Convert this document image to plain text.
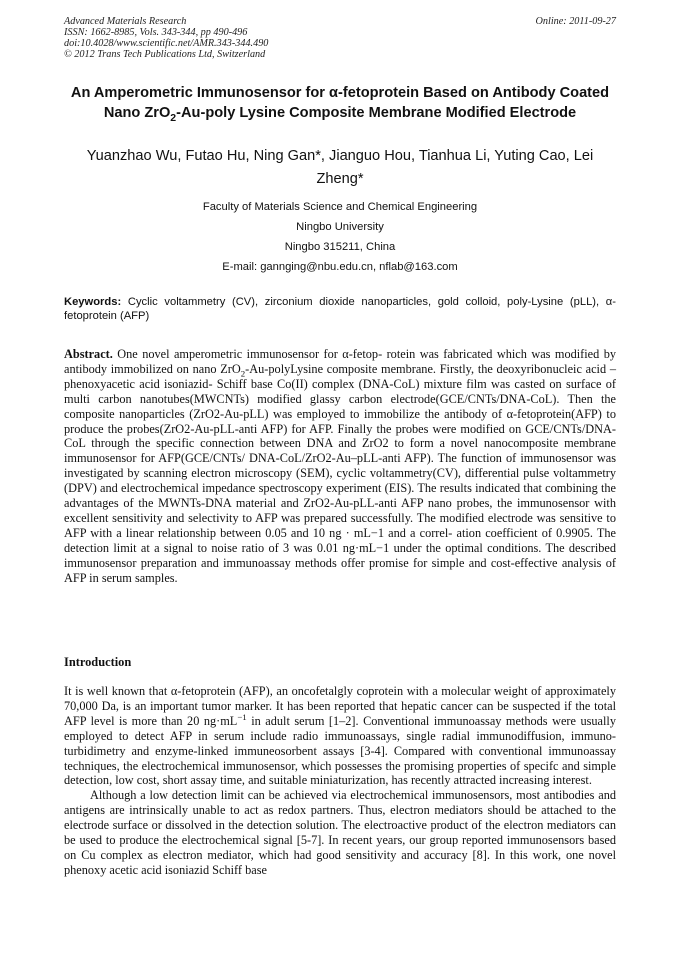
Advanced Materials Research
ISSN: 1662-8985, Vols. 343-344, pp 490-496
doi:10.4028/www.scientific.net/AMR.343-344.490
© 2012 Trans Tech Publications Ltd, Switzerland
Online: 2011-09-27
An Amperometric Immunosensor for α-fetoprotein Based on Antibody Coated Nano ZrO$_2$-Au-poly Lysine Composite Membrane Modified Electrode
Yuanzhao Wu, Futao Hu, Ning Gan*, Jianguo Hou, Tianhua Li, Yuting Cao, Lei Zheng*
Faculty of Materials Science and Chemical Engineering
Ningbo University
Ningbo 315211, China
E-mail: gannging@nbu.edu.cn, nflab@163.com
Keywords: Cyclic voltammetry (CV), zirconium dioxide nanoparticles, gold colloid, poly-Lysine (pLL), α-fetoprotein (AFP)
Abstract. One novel amperometric immunosensor for α-fetop- rotein was fabricated which was modified by antibody immobilized on nano ZrO$_2$-Au-polyLysine composite membrane. Firstly, the deoxyribonucleic acid – phenoxyacetic acid isoniazid- Schiff base Co(II) complex (DNA-CoL) mixture film was casted on surface of multi carbon nanotubes(MWCNTs) modified glassy carbon electrode(GCE/CNTs/DNA-CoL). Then the composite nanoparticles (ZrO2-Au-pLL) was employed to immobilize the antibody of α-fetoprotein(AFP) to produce the probes(ZrO2-Au-pLL-anti AFP) for AFP. Finally the probes were modified on GCE/CNTs/DNA-CoL through the specific connection between DNA and ZrO2 to form a novel nanocomposite membrane immunosensor for AFP(GCE/CNTs/ DNA-CoL/ZrO2-Au–pLL-anti AFP). The function of immunosensor was investigated by scanning electron microscopy (SEM), cyclic voltammetry(CV), differential pulse voltammetry (DPV) and electrochemical impedance spectroscopy experiment (EIS). The results indicated that combining the advantages of the MWNTs-DNA material and ZrO2-Au-pLL-anti AFP nano probes, the immunosensor with excellent sensitivity and selectivity to AFP was prepared successfully. The modified electrode was sensitive to AFP with a linear relationship between 0.05 and 10 ng · mL−1 and a correl- ation coefficient of 0.9905. The detection limit at a signal to noise ratio of 3 was 0.01 ng·mL−1 under the optimal conditions. The described immunosensor preparation and immunoassay methods offer promise for simple and cost-effective analysis of AFP in serum samples.
Introduction

It is well known that α-fetoprotein (AFP), an oncofetalgly coprotein with a molecular weight of approximately 70,000 Da, is an important tumor marker. It has been reported that hepatic cancer can be suspected if the total AFP level is more than 20 $ng\cdot mL^{-1}$ in adult serum [1–2]. Conventional immunoassay methods were usually employed to detect AFP in serum include radio immunoassays, single radial immunodiffusion, immuno-turbidimetry and enzyme-linked immuneosorbent assays [3-4]. Compared with conventional immunoassay techniques, the electrochemical immunosensor, which possesses the promising properties of specifc and simple detection, low cost, short assay time, and suitable miniaturization, has recently attracted increasing interest.

Although a low detection limit can be achieved via electrochemical immunosensors, most antibodies and antigens are intrinsically unable to act as redox partners. Thus, electron mediators should be attached to the electrode surface or dissolved in the detection solution. The electroactive product of the electron mediators can be used to produce the electrochemical signal [5-7]. In recent years, our group reported immunosensors based on Cu complex as electron mediator, which had good sensitivity and accuracy [8]. In this work, one novel phenoxy acetic acid isoniazid Schiff base
